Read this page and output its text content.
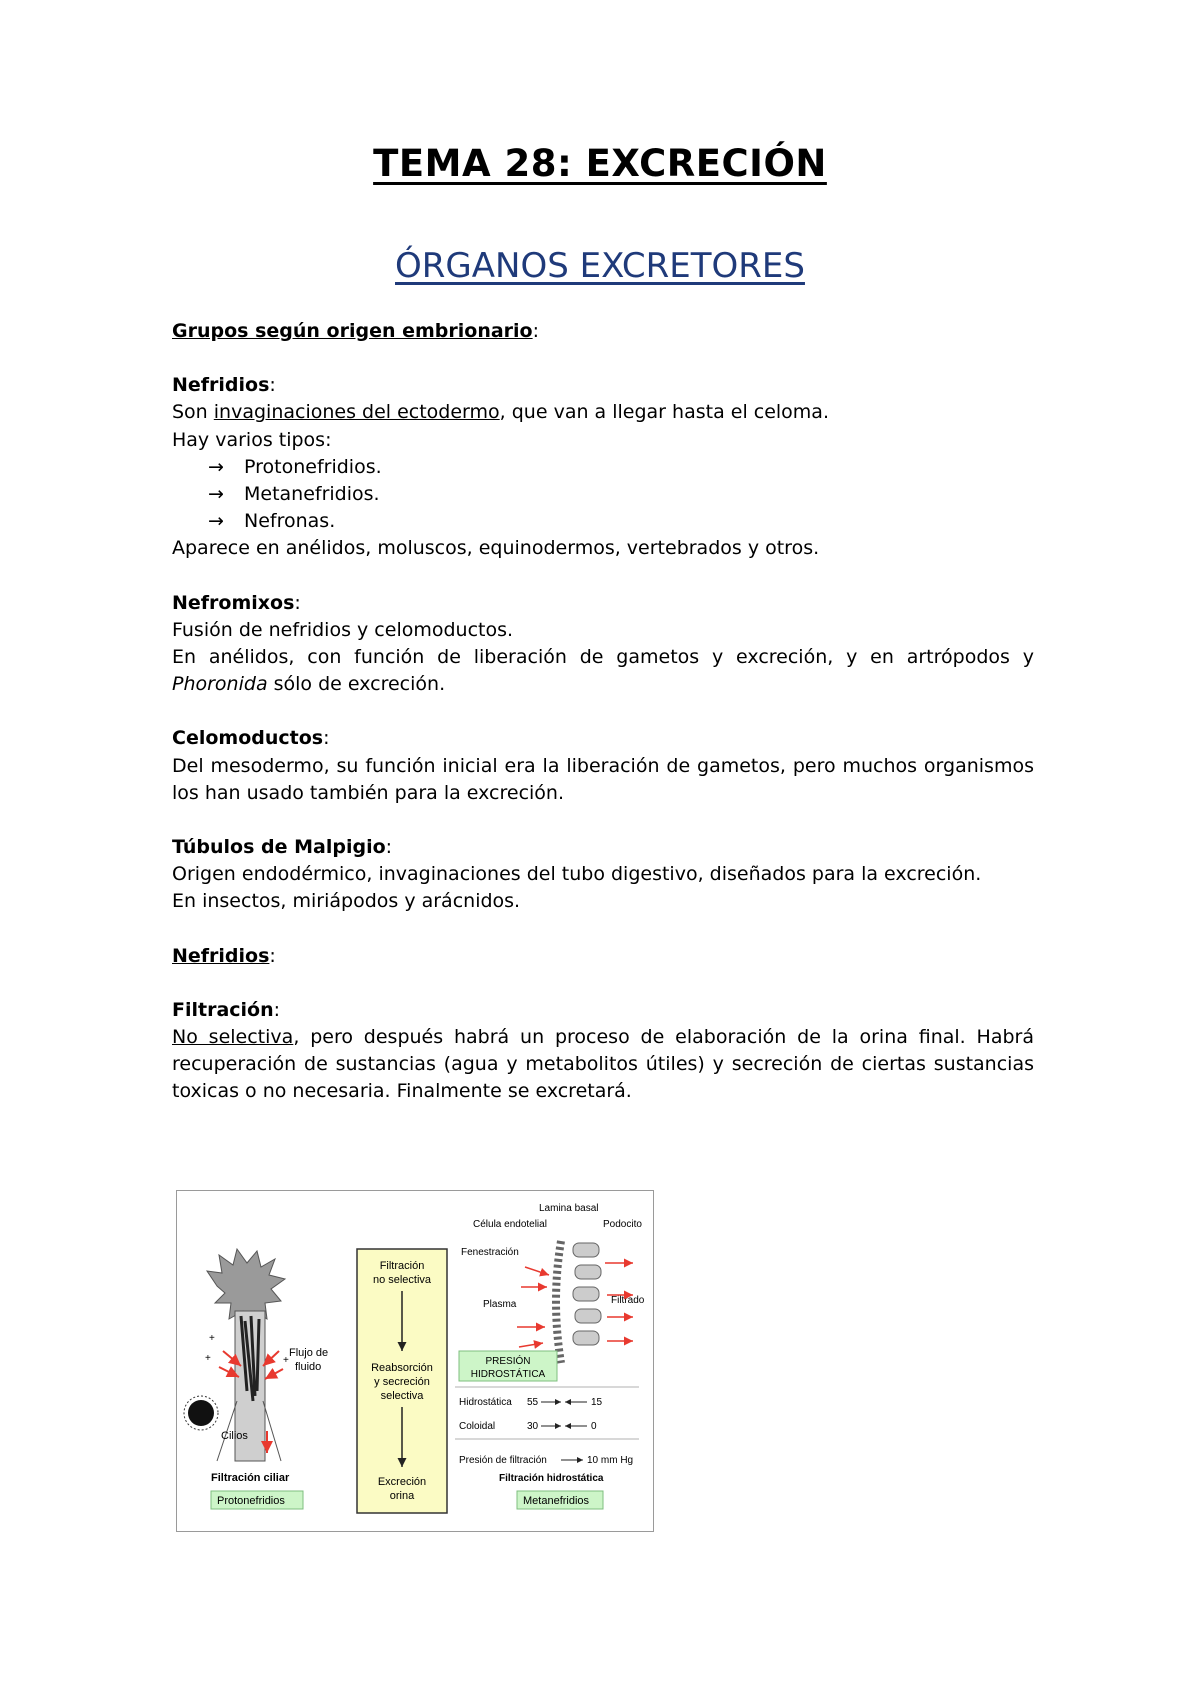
TEMA 28: EXCRECIÓN
ÓRGANOS EXCRETORES

Grupos según origen embrionario:

Nefridios:

Son invaginaciones del ectodermo, que van a llegar hasta el celoma.

Hay varios tipos:

→ Protonefridios.

→ Metanefridios.

→ Nefronas.

Aparece en anélidos, moluscos, equinodermos, vertebrados y otros.

Nefromixos:

Fusión de nefridios y celomoductos.

En anélidos, con función de liberación de gametos y excreción, y en artrópodos y Phoronida sólo de excreción.

Celomoductos:

Del mesodermo, su función inicial era la liberación de gametos, pero muchos organismos los han usado también para la excreción.

Túbulos de Malpigio:

Origen endodérmico, invaginaciones del tubo digestivo, diseñados para la excreción.

En insectos, miriápodos y arácnidos.

Nefridios:

Filtración:

No selectiva, pero después habrá un proceso de elaboración de la orina final. Habrá recuperación de sustancias (agua y metabolitos útiles) y secreción de ciertas sustancias toxicas o no necesaria. Finalmente se excretará.

+
+	Flujo de
fluido
+
Cilios
Filtración ciliar
Protonefridios
Filtración
no selectiva
Reabsorción
y secreción
selectiva
Excreción
orina
Lamina basal
Célula endotelial	Podocito
Fenestración
Plasma	Filtrado
PRESIÓN
HIDROSTÁTICA
Hidrostática 55	15
Coloidal	30	0
Presión de filtración	10 mm Hg
Filtración hidrostática
Metanefridios
